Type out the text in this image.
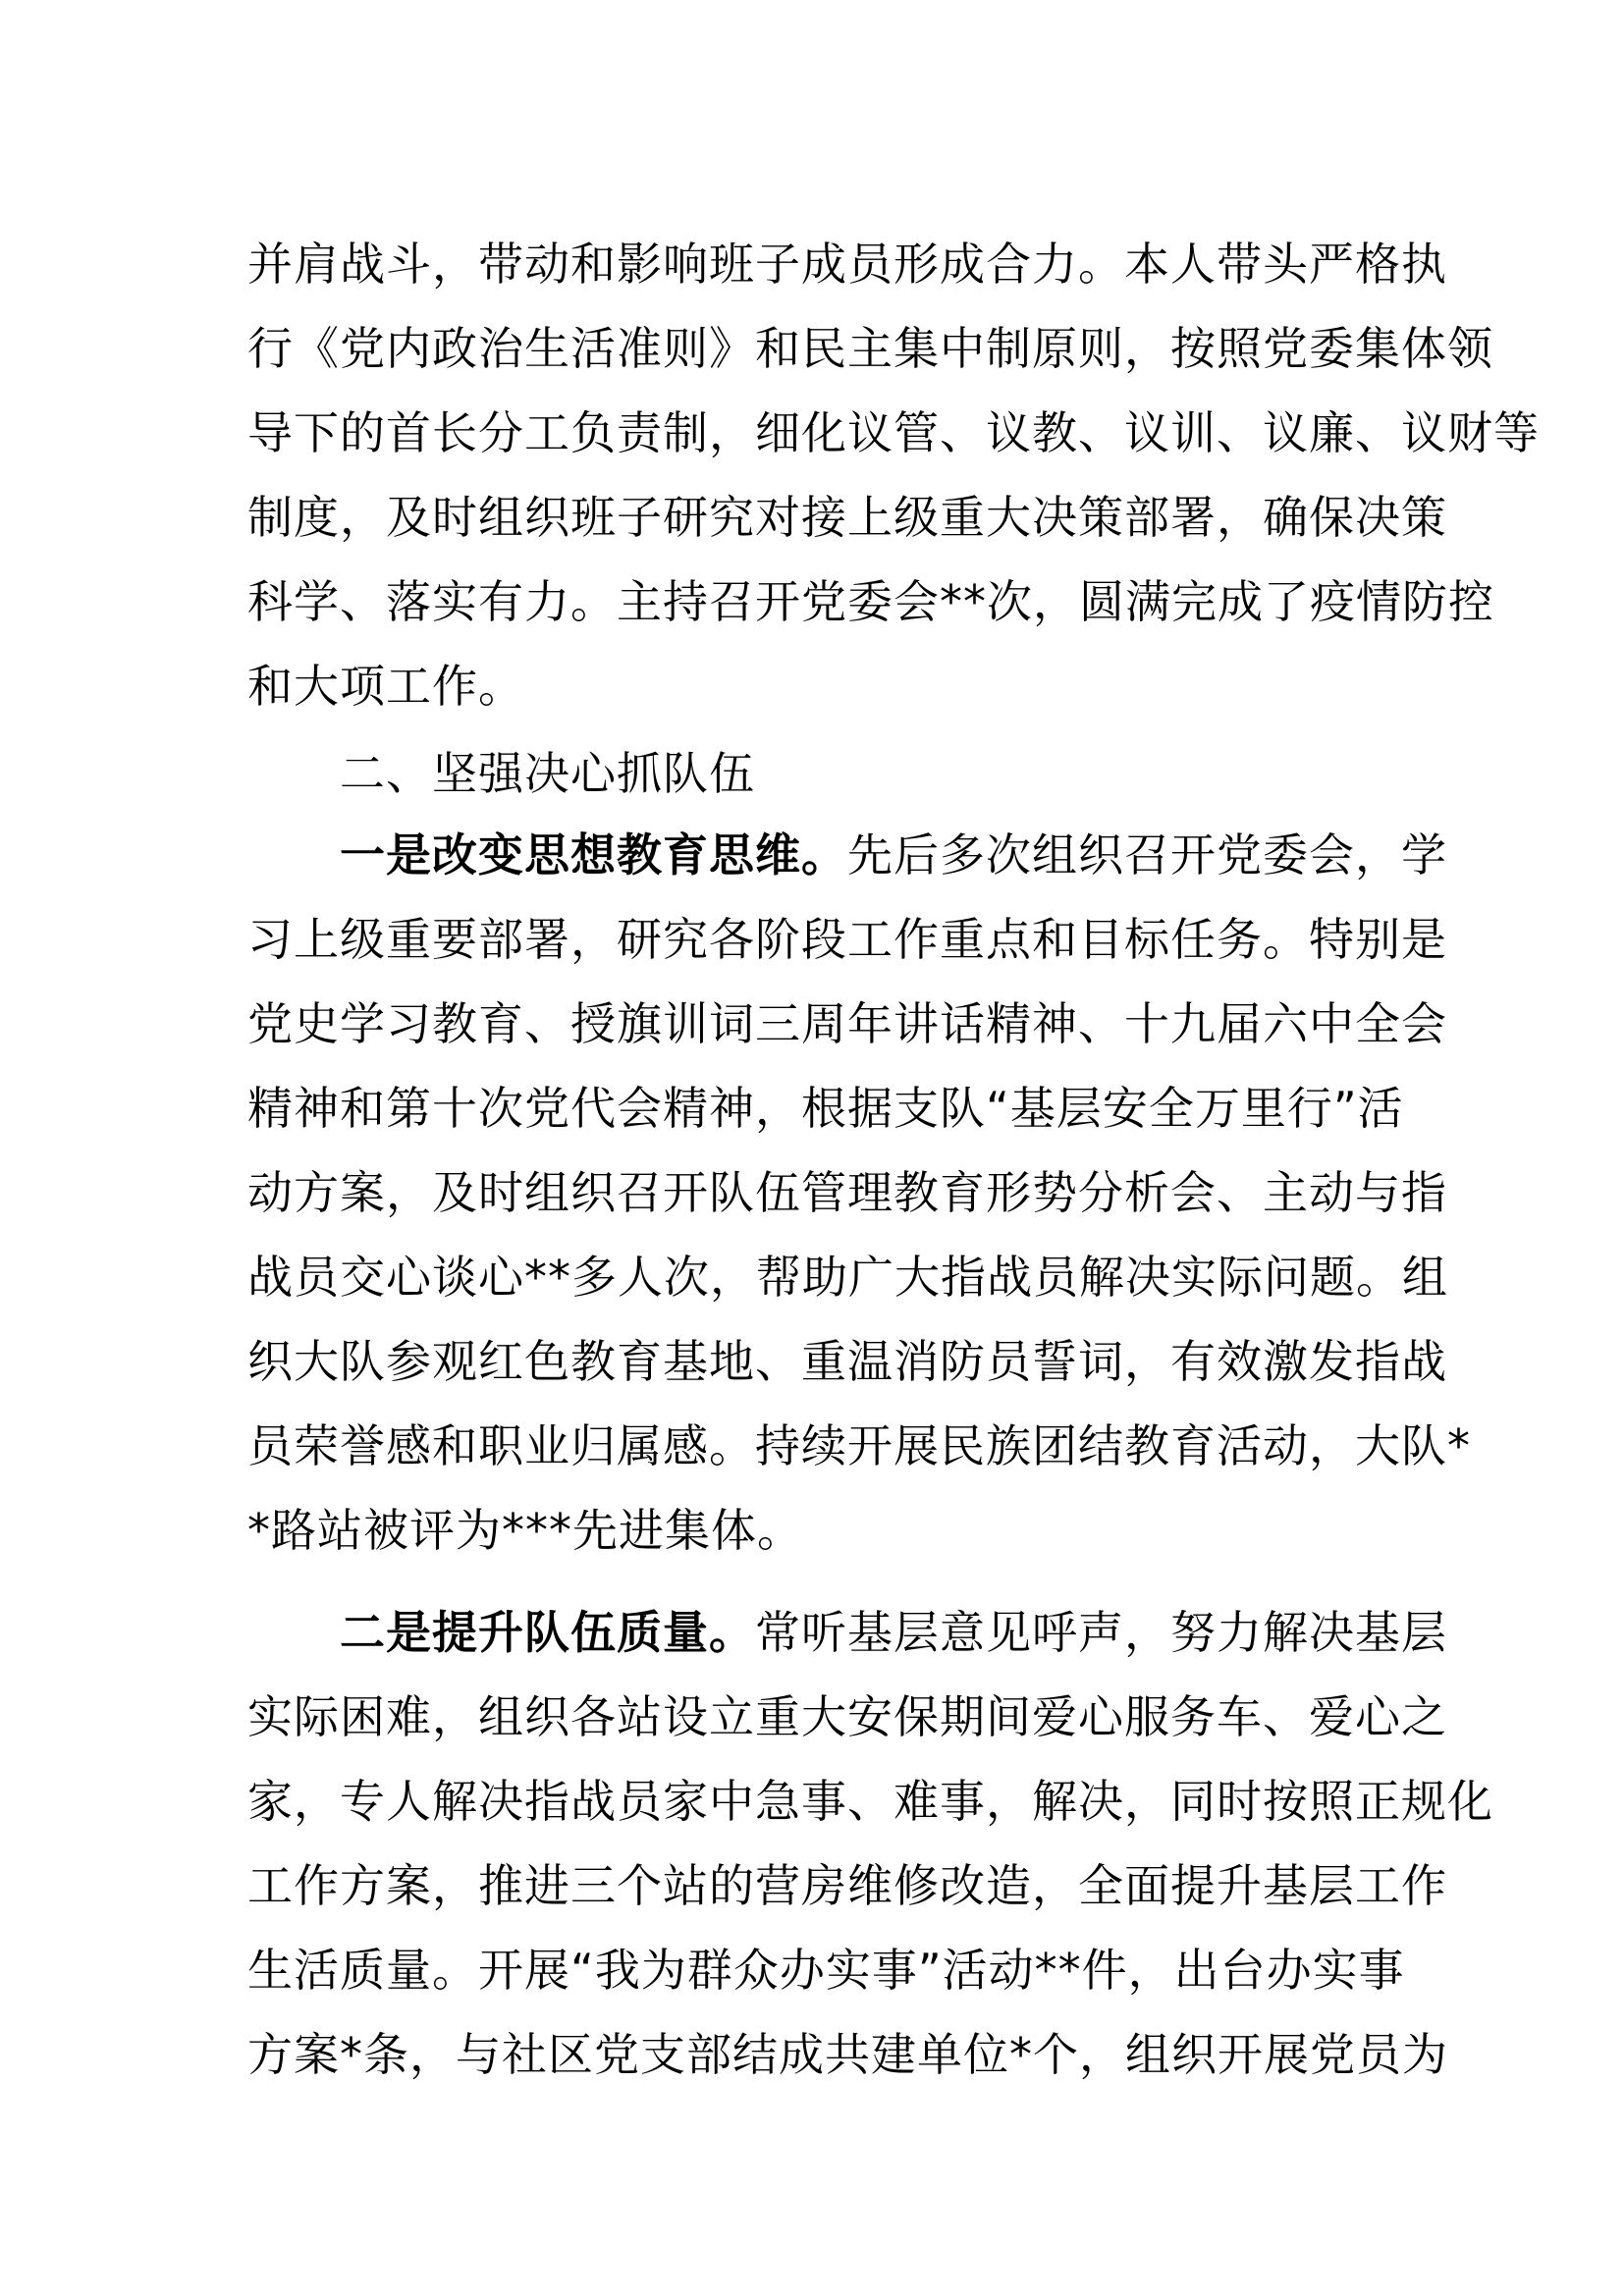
并肩战斗，带动和影响班子成员形成合力。本人带头严格执
行《党内政治生活准则》和民主集中制原则，按照党委集体领
导下的首长分工负责制，细化议管、议教、议训、议廉、议财等
制度，及时组织班子研究对接上级重大决策部署，确保决策
科学、落实有力。主持召开党委会**次，圆满完成了疫情防控
和大项工作。
二、坚强决心抓队伍
一是改变思想教育思维。先后多次组织召开党委会，学
习上级重要部署，研究各阶段工作重点和目标任务。特别是
党史学习教育、授旗训词三周年讲话精神、十九届六中全会
精神和第十次党代会精神，根据支队“基层安全万里行”活
动方案，及时组织召开队伍管理教育形势分析会、主动与指
战员交心谈心**多人次，帮助广大指战员解决实际问题。组
织大队参观红色教育基地、重温消防员誓词，有效激发指战
员荣誉感和职业归属感。持续开展民族团结教育活动，大队*
*路站被评为***先进集体。
二是提升队伍质量。常听基层意见呼声，努力解决基层
实际困难，组织各站设立重大安保期间爱心服务车、爱心之
家，专人解决指战员家中急事、难事，解决，同时按照正规化
工作方案，推进三个站的营房维修改造，全面提升基层工作
生活质量。开展“我为群众办实事”活动**件，出台办实事
方案*条，与社区党支部结成共建单位*个，组织开展党员为
